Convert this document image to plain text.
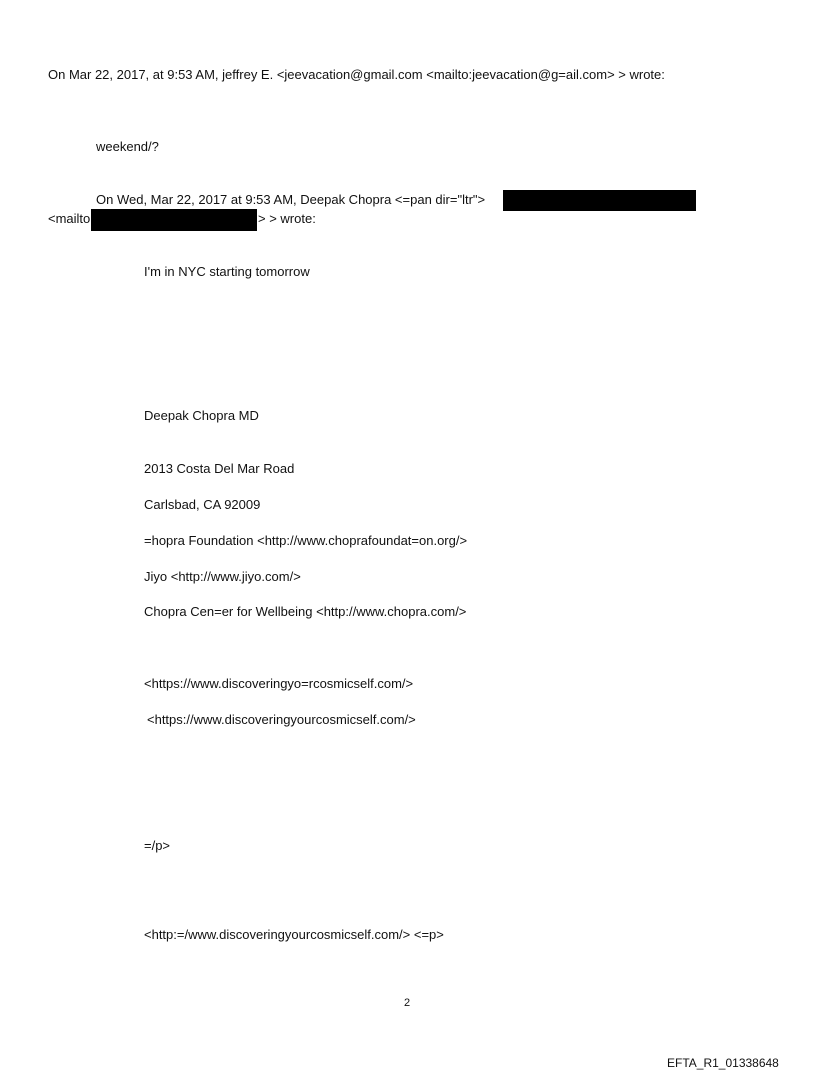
On Mar 22, 2017, at 9:53 AM, jeffrey E. <jeevacation@gmail.com <mailto:jeevacation@g=ail.com> > wrote:
weekend/?
On Wed, Mar 22, 2017 at 9:53 AM, Deepak Chopra <=pan dir="ltr">
<mailto	> > wrote:
I'm in NYC starting tomorrow
Deepak Chopra MD
2013 Costa Del Mar Road
Carlsbad, CA 92009
=hopra Foundation <http://www.choprafoundat=on.org/>
Jiyo <http://www.jiyo.com/>
Chopra Cen=er for Wellbeing <http://www.chopra.com/>
<https://www.discoveringyo=rcosmicself.com/>
<https://www.discoveringyourcosmicself.com/>
=/p>
<http:=/www.discoveringyourcosmicself.com/> <=p>
2
EFTA_R1_01338648
